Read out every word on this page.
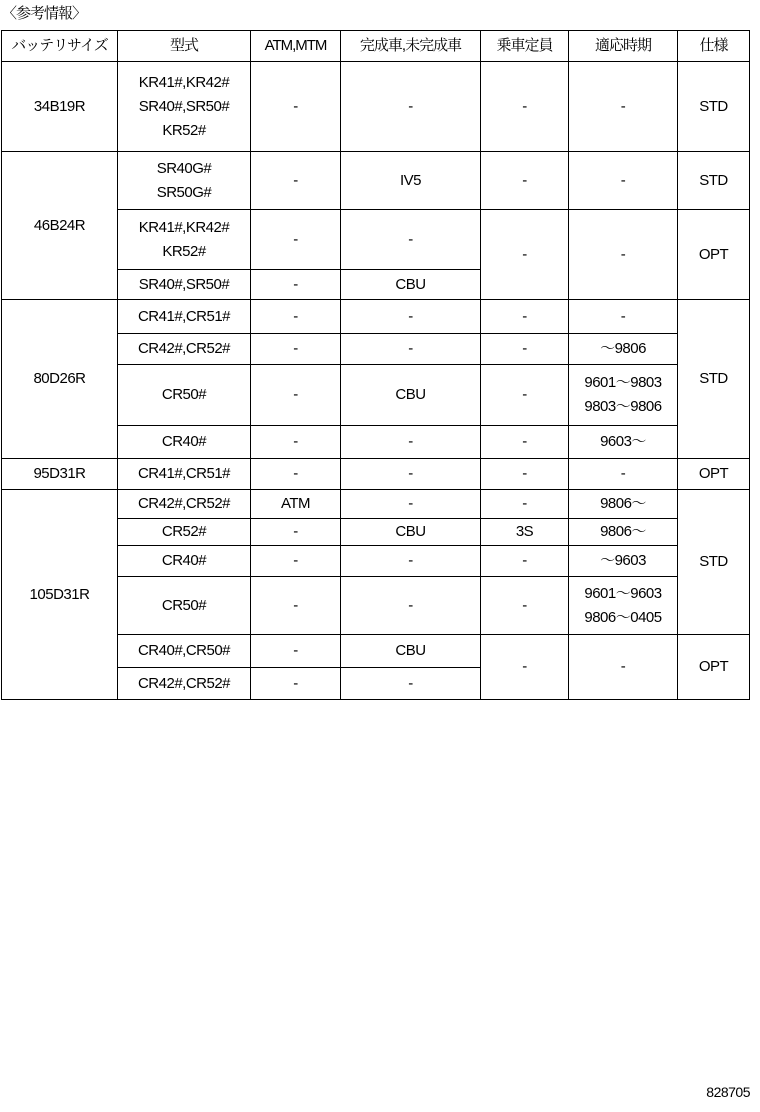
〈参考情報〉
バッテリサイズ	型式	ATM,MTM	完成車,未完成車	乗車定員	適応時期	仕様
34B19R	KR41#,KR42#
SR40#,SR50#
KR52#	-	-	-	-	STD
46B24R	SR40G#
SR50G#	-	IV5	-	-	STD
	KR41#,KR42#
KR52#	-	-	-	-	OPT
	SR40#,SR50#	-	CBU			
80D26R	CR41#,CR51#	-	-	-	-	STD
	CR42#,CR52#	-	-	-	～9806	
	CR50#	-	CBU	-	9601～9803
9803～9806	
	CR40#	-	-	-	9603～	
95D31R	CR41#,CR51#	-	-	-	-	OPT
105D31R	CR42#,CR52#	ATM	-	-	9806～	STD
	CR52#	-	CBU	3S	9806～	
	CR40#	-	-	-	～9603	
	CR50#	-	-	-	9601～9603
9806～0405	
	CR40#,CR50#	-	CBU	-	-	OPT
	CR42#,CR52#	-	-			
828705
